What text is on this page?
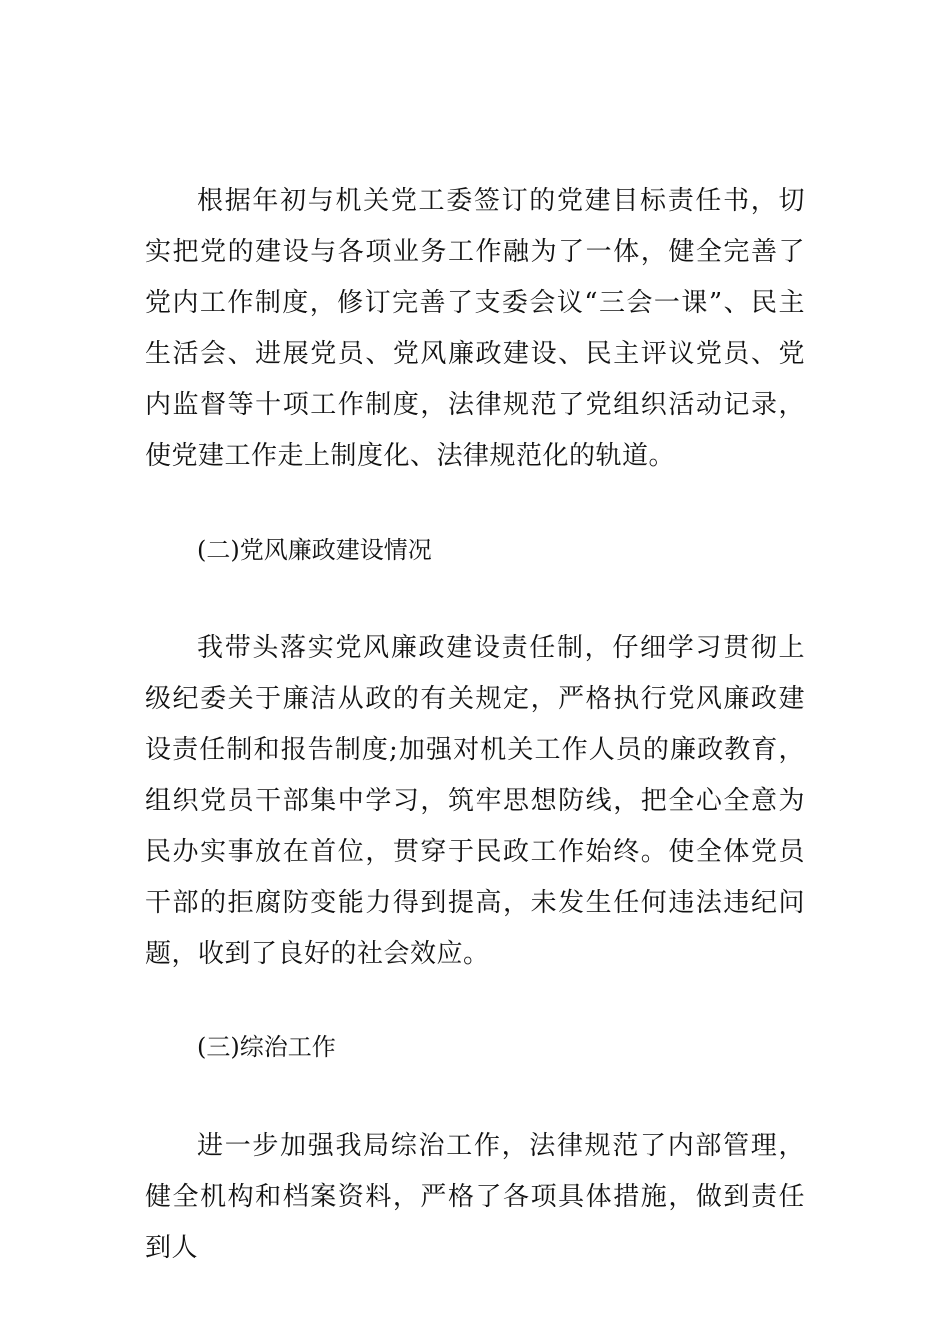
根据年初与机关党工委签订的党建目标责任书，切实把党的建设与各项业务工作融为了一体，健全完善了党内工作制度，修订完善了支委会议“三会一课”、民主生活会、进展党员、党风廉政建设、民主评议党员、党内监督等十项工作制度，法律规范了党组织活动记录，使党建工作走上制度化、法律规范化的轨道。

(二)党风廉政建设情况

我带头落实党风廉政建设责任制，仔细学习贯彻上级纪委关于廉洁从政的有关规定，严格执行党风廉政建设责任制和报告制度;加强对机关工作人员的廉政教育，组织党员干部集中学习，筑牢思想防线，把全心全意为民办实事放在首位，贯穿于民政工作始终。使全体党员干部的拒腐防变能力得到提高，未发生任何违法违纪问题，收到了良好的社会效应。

(三)综治工作

进一步加强我局综治工作，法律规范了内部管理，健全机构和档案资料，严格了各项具体措施，做到责任到人
